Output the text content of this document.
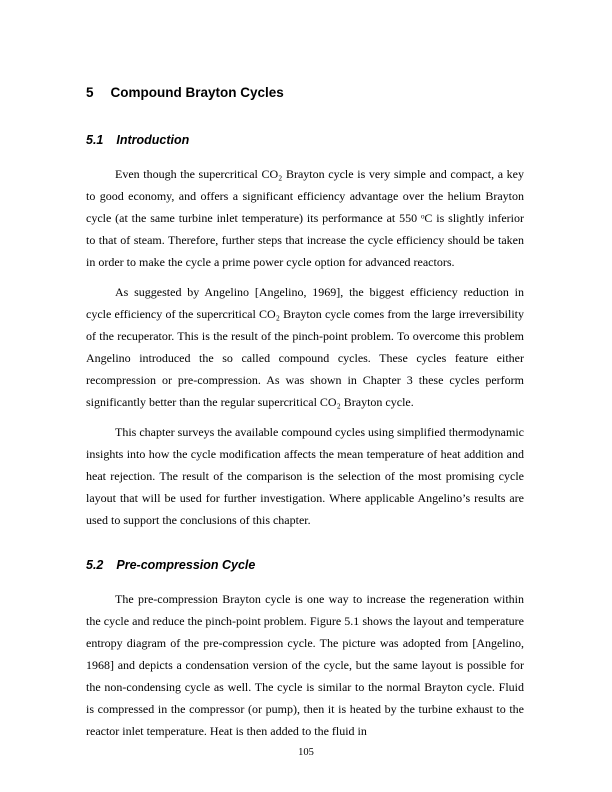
5 Compound Brayton Cycles
5.1 Introduction

Even though the supercritical CO₂ Brayton cycle is very simple and compact, a key to good economy, and offers a significant efficiency advantage over the helium Brayton cycle (at the same turbine inlet temperature) its performance at 550 ᵒC is slightly inferior to that of steam. Therefore, further steps that increase the cycle efficiency should be taken in order to make the cycle a prime power cycle option for advanced reactors.

As suggested by Angelino [Angelino, 1969], the biggest efficiency reduction in cycle efficiency of the supercritical CO₂ Brayton cycle comes from the large irreversibility of the recuperator. This is the result of the pinch-point problem. To overcome this problem Angelino introduced the so called compound cycles. These cycles feature either recompression or pre-compression. As was shown in Chapter 3 these cycles perform significantly better than the regular supercritical CO₂ Brayton cycle.

This chapter surveys the available compound cycles using simplified thermodynamic insights into how the cycle modification affects the mean temperature of heat addition and heat rejection. The result of the comparison is the selection of the most promising cycle layout that will be used for further investigation. Where applicable Angelino’s results are used to support the conclusions of this chapter.

5.2 Pre-compression Cycle

The pre-compression Brayton cycle is one way to increase the regeneration within the cycle and reduce the pinch-point problem. Figure 5.1 shows the layout and temperature entropy diagram of the pre-compression cycle. The picture was adopted from [Angelino, 1968] and depicts a condensation version of the cycle, but the same layout is possible for the non-condensing cycle as well. The cycle is similar to the normal Brayton cycle. Fluid is compressed in the compressor (or pump), then it is heated by the turbine exhaust to the reactor inlet temperature. Heat is then added to the fluid in

105
